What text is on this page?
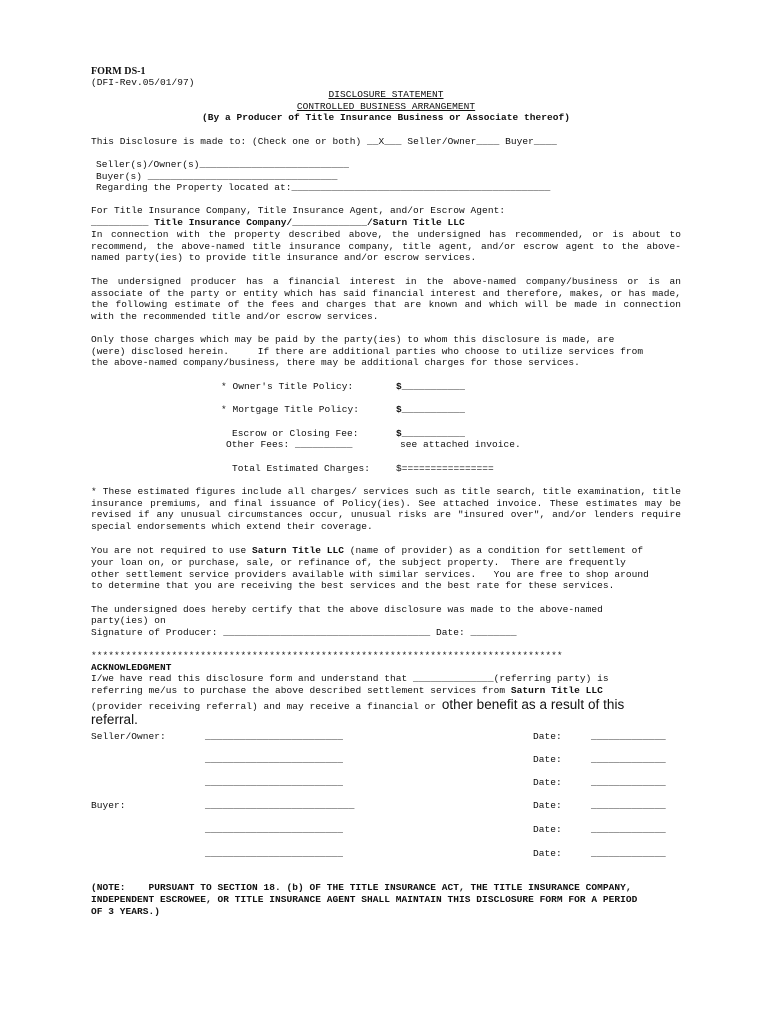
FORM DS-1
(DFI-Rev.05/01/97)
DISCLOSURE STATEMENT
CONTROLLED BUSINESS ARRANGEMENT
(By a Producer of Title Insurance Business or Associate thereof)
This Disclosure is made to: (Check one or both) __X___ Seller/Owner____ Buyer____
Seller(s)/Owner(s)__________________________
Buyer(s) _________________________________
Regarding the Property located at:_____________________________________________
For Title Insurance Company, Title Insurance Agent, and/or Escrow Agent:
__________ Title Insurance Company/_____________/Saturn Title LLC
In connection with the property described above, the undersigned has recommended, or is about to recommend, the above-named title insurance company, title agent, and/or escrow agent to the above-named party(ies) to provide title insurance and/or escrow services.
The undersigned producer has a financial interest in the above-named company/business or is an associate of the party or entity which has said financial interest and therefore, makes, or has made, the following estimate of the fees and charges that are known and which will be made in connection with the recommended title and/or escrow services.
Only those charges which may be paid by the party(ies) to whom this disclosure is made, are
(were) disclosed herein.     If there are additional parties who choose to utilize services from
the above-named company/business, there may be additional charges for those services.
* Owner's Title Policy:	$___________
* Mortgage Title Policy:	$___________
Escrow or Closing Fee:	$___________
Other Fees: __________	see attached invoice.
Total Estimated Charges:	$================
* These estimated figures include all charges/ services such as title search, title examination, title insurance premiums, and final issuance of Policy(ies). See attached invoice. These estimates may be revised if any unusual circumstances occur, unusual risks are "insured over", and/or lenders require special endorsements which extend their coverage.
You are not required to use Saturn Title LLC (name of provider) as a condition for settlement of
your loan on, or purchase, sale, or refinance of, the subject property.  There are frequently
other settlement service providers available with similar services.   You are free to shop around
to determine that you are receiving the best services and the best rate for these services.
The undersigned does hereby certify that the above disclosure was made to the above-named
party(ies) on
Signature of Producer: ____________________________________ Date: ________
**********************************************************************************
ACKNOWLEDGMENT
I/we have read this disclosure form and understand that ______________(referring party) is
referring me/us to purchase the above described settlement services from Saturn Title LLC
(provider receiving referral) and may receive a financial or other benefit as a result of this
referral.
Seller/Owner:	________________________	Date:	_____________
________________________	Date:	_____________
________________________	Date:	_____________
Buyer:	__________________________	Date:	_____________
________________________	Date:	_____________
________________________	Date:	_____________
(NOTE:    PURSUANT TO SECTION 18. (b) OF THE TITLE INSURANCE ACT, THE TITLE INSURANCE COMPANY,
INDEPENDENT ESCROWEE, OR TITLE INSURANCE AGENT SHALL MAINTAIN THIS DISCLOSURE FORM FOR A PERIOD
OF 3 YEARS.)
